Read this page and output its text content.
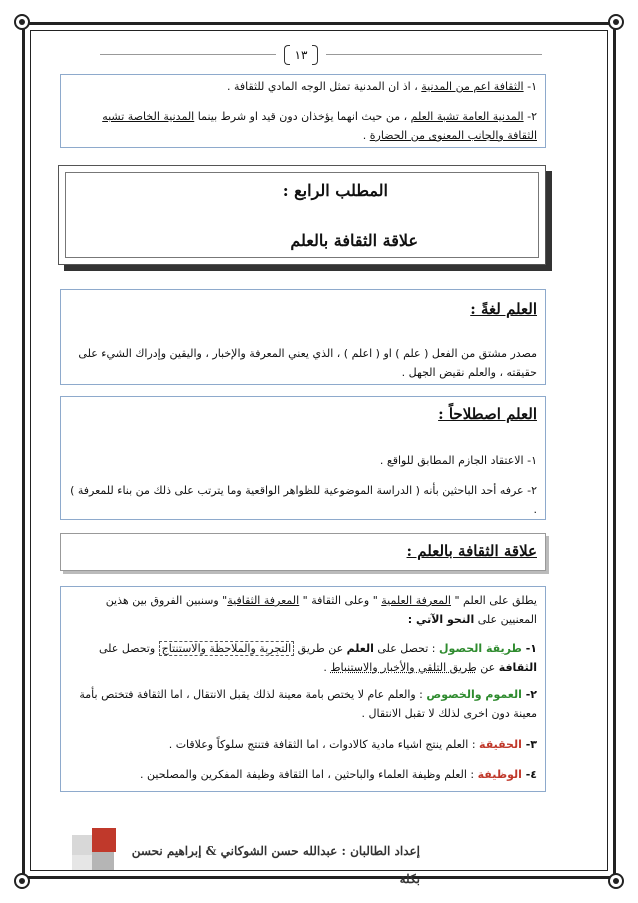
١٣
١- الثقافة اعم من المدنية ، اذ ان المدنية تمثل الوجه المادي للثقافة .
٢- المدنية العامة تشبة العلم ، من حيث انهما يؤخذان دون قيد او شرط بينما المدنية الخاصة تشبه الثقافة والجانب المعنوى من الحضارة .
المطلب الرابع :
علاقة الثقافة بالعلم
العلم لغةً :
مصدر مشتق من الفعل ( علم ) او ( اعلم ) ، الذي يعني المعرفة والإخبار ، واليقين وإدراك الشيء على حقيقته ، والعلم نقيض الجهل .
العلم اصطلاحاً :
١- الاعتقاد الجازم المطابق للواقع .
٢- عرفه أحد الباحثين بأنه ( الدراسة الموضوعية للظواهر الواقعية وما يترتب على ذلك من بناء للمعرفة ) .
علاقة الثقافة بالعلم :
يطلق على العلم " المعرفة العلمية " وعلى الثقافة " المعرفة الثقافية" وسنبين الفروق بين هذين المعنيين على النحو الآتي :
١- طريقة الحصول : تحصل على العلم عن طريق التجربة والملاحظة والاستنتاج وتحصل على الثقافة عن طريق التلقي والأخبار والاستنباط .
٢- العموم والخصوص : والعلم عام لا يختص بامة معينة لذلك يقبل الانتقال ، اما الثقافة فتختص بأمة معينة دون اخرى لذلك لا تقبل الانتقال .
٣- الحقيقة : العلم ينتج اشياء مادية كالادوات ، اما الثقافة فتنتج سلوكاً وعلاقات .
٤- الوظيفة : العلم وظيفة العلماء والباحثين ، اما الثقافة وظيفة المفكرين والمصلحين .
إعداد الطالبان : عبدالله حسن الشوكاني & إبراهيم نحسن بكلة
